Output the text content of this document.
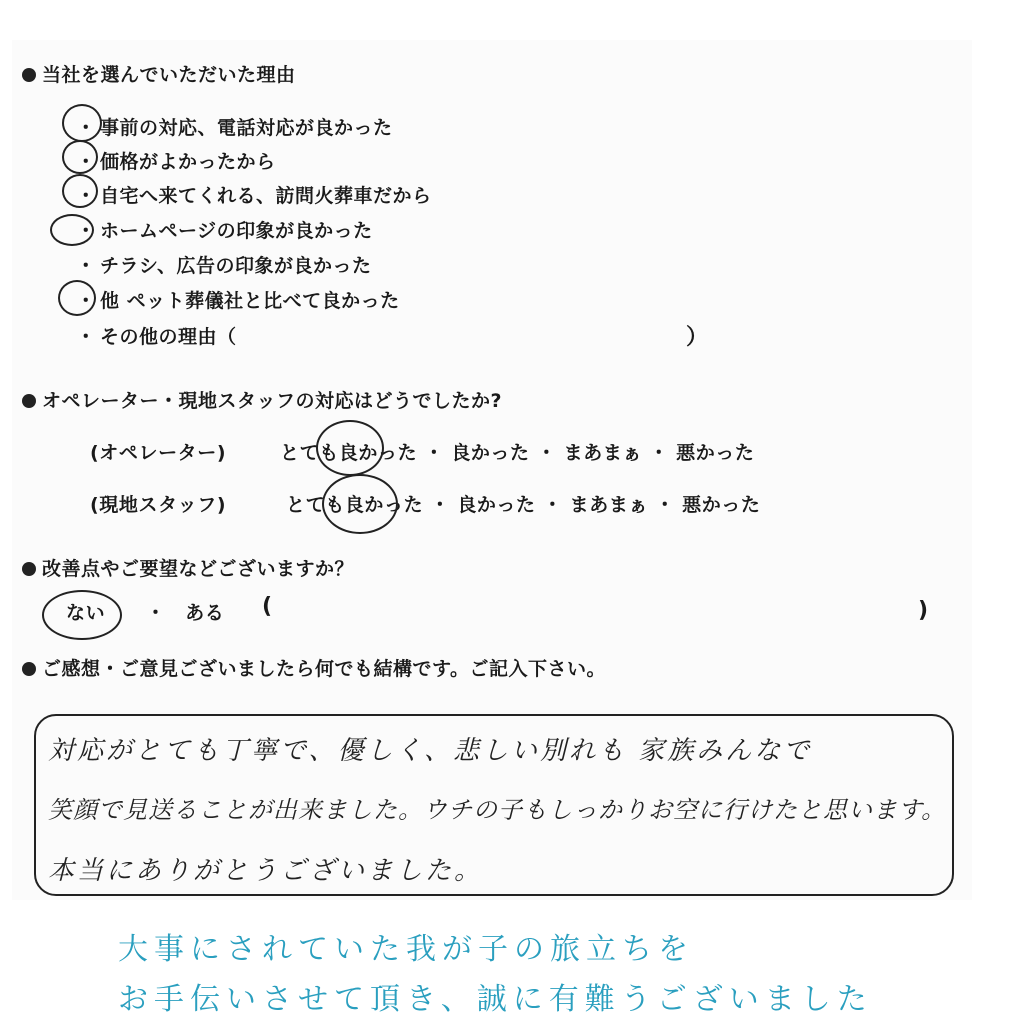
当社を選んでいただいた理由
・ 事前の対応、電話対応が良かった
・ 価格がよかったから
・ 自宅へ来てくれる、訪問火葬車だから
・ ホームページの印象が良かった
・ チラシ、広告の印象が良かった
・ 他 ペット葬儀社と比べて良かった
・ その他の理由（	）
オペレーター・現地スタッフの対応はどうでしたか?
(オペレーター)	とても良かった ・ 良かった ・ まあまぁ ・ 悪かった
(現地スタッフ)	とても良かった ・ 良かった ・ まあまぁ ・ 悪かった
改善点やご要望などございますか？
ない ・　ある (	)
ご感想・ご意見ございましたら何でも結構です。ご記入下さい。
対応がとても丁寧で、優しく、悲しい別れも 家族みんなで
笑顔で見送ることが出来ました。ウチの子もしっかりお空に行けたと思います。
本当にありがとうございました。
大事にされていた我が子の旅立ちを
お手伝いさせて頂き、誠に有難うございました
